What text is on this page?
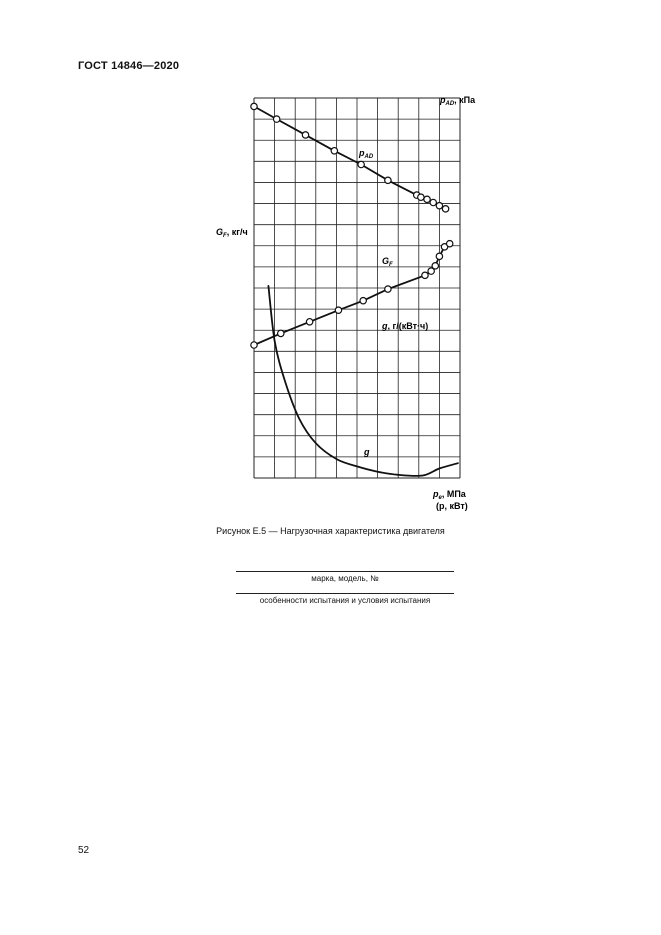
ГОСТ 14846—2020
$p_{AD}$, кПа
$G_F$, кг/ч
g, г/(кВт·ч)
$p_{AD}$
$G_F$
g
$p_e$, МПа
(p, кВт)
Рисунок Е.5 — Нагрузочная характеристика двигателя
марка, модель, №
особенности испытания и условия испытания
52
